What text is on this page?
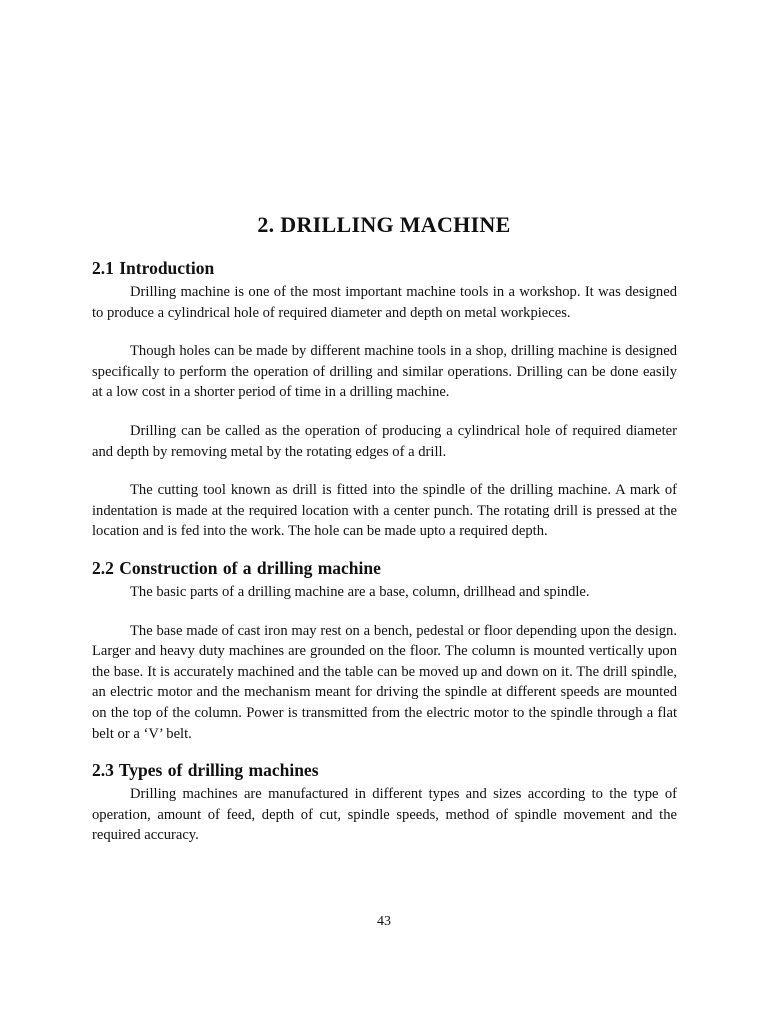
2. DRILLING MACHINE
2.1 Introduction

Drilling machine is one of the most important machine tools in a workshop. It was designed to produce a cylindrical hole of required diameter and depth on metal workpieces.

Though holes can be made by different machine tools in a shop, drilling machine is designed specifically to perform the operation of drilling and similar operations. Drilling can be done easily at a low cost in a shorter period of time in a drilling machine.

Drilling can be called as the operation of producing a cylindrical hole of required diameter and depth by removing metal by the rotating edges of a drill.

The cutting tool known as drill is fitted into the spindle of the drilling machine. A mark of indentation is made at the required location with a center punch. The rotating drill is pressed at the location and is fed into the work. The hole can be made upto a required depth.

2.2 Construction of a drilling machine

The basic parts of a drilling machine are a base, column, drillhead and spindle.

The base made of cast iron may rest on a bench, pedestal or floor depending upon the design. Larger and heavy duty machines are grounded on the floor. The column is mounted vertically upon the base. It is accurately machined and the table can be moved up and down on it. The drill spindle, an electric motor and the mechanism meant for driving the spindle at different speeds are mounted on the top of the column. Power is transmitted from the electric motor to the spindle through a flat belt or a ‘V’ belt.

2.3 Types of drilling machines

Drilling machines are manufactured in different types and sizes according to the type of operation, amount of feed, depth of cut, spindle speeds, method of spindle movement and the required accuracy.

43
